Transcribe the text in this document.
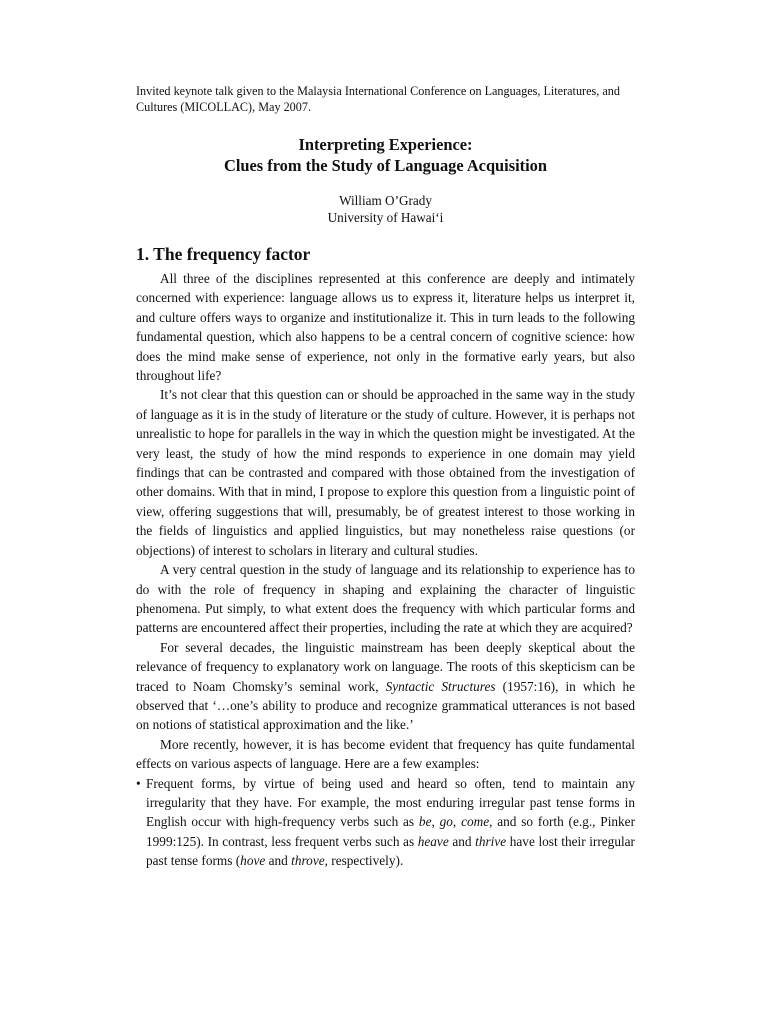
Invited keynote talk given to the Malaysia International Conference on Languages, Literatures, and Cultures (MICOLLAC), May 2007.

Interpreting Experience:
Clues from the Study of Language Acquisition
William O’Grady
University of Hawai‘i
1. The frequency factor

All three of the disciplines represented at this conference are deeply and intimately concerned with experience: language allows us to express it, literature helps us interpret it, and culture offers ways to organize and institutionalize it. This in turn leads to the following fundamental question, which also happens to be a central concern of cognitive science: how does the mind make sense of experience, not only in the formative early years, but also throughout life?

It’s not clear that this question can or should be approached in the same way in the study of language as it is in the study of literature or the study of culture. However, it is perhaps not unrealistic to hope for parallels in the way in which the question might be investigated. At the very least, the study of how the mind responds to experience in one domain may yield findings that can be contrasted and compared with those obtained from the investigation of other domains. With that in mind, I propose to explore this question from a linguistic point of view, offering suggestions that will, presumably, be of greatest interest to those working in the fields of linguistics and applied linguistics, but may nonetheless raise questions (or objections) of interest to scholars in literary and cultural studies.

A very central question in the study of language and its relationship to experience has to do with the role of frequency in shaping and explaining the character of linguistic phenomena. Put simply, to what extent does the frequency with which particular forms and patterns are encountered affect their properties, including the rate at which they are acquired?

For several decades, the linguistic mainstream has been deeply skeptical about the relevance of frequency to explanatory work on language. The roots of this skepticism can be traced to Noam Chomsky’s seminal work, Syntactic Structures (1957:16), in which he observed that ‘…one’s ability to produce and recognize grammatical utterances is not based on notions of statistical approximation and the like.’

More recently, however, it is has become evident that frequency has quite fundamental effects on various aspects of language. Here are a few examples:

• Frequent forms, by virtue of being used and heard so often, tend to maintain any irregularity that they have. For example, the most enduring irregular past tense forms in English occur with high-frequency verbs such as be, go, come, and so forth (e.g., Pinker 1999:125). In contrast, less frequent verbs such as heave and thrive have lost their irregular past tense forms (hove and throve, respectively).
